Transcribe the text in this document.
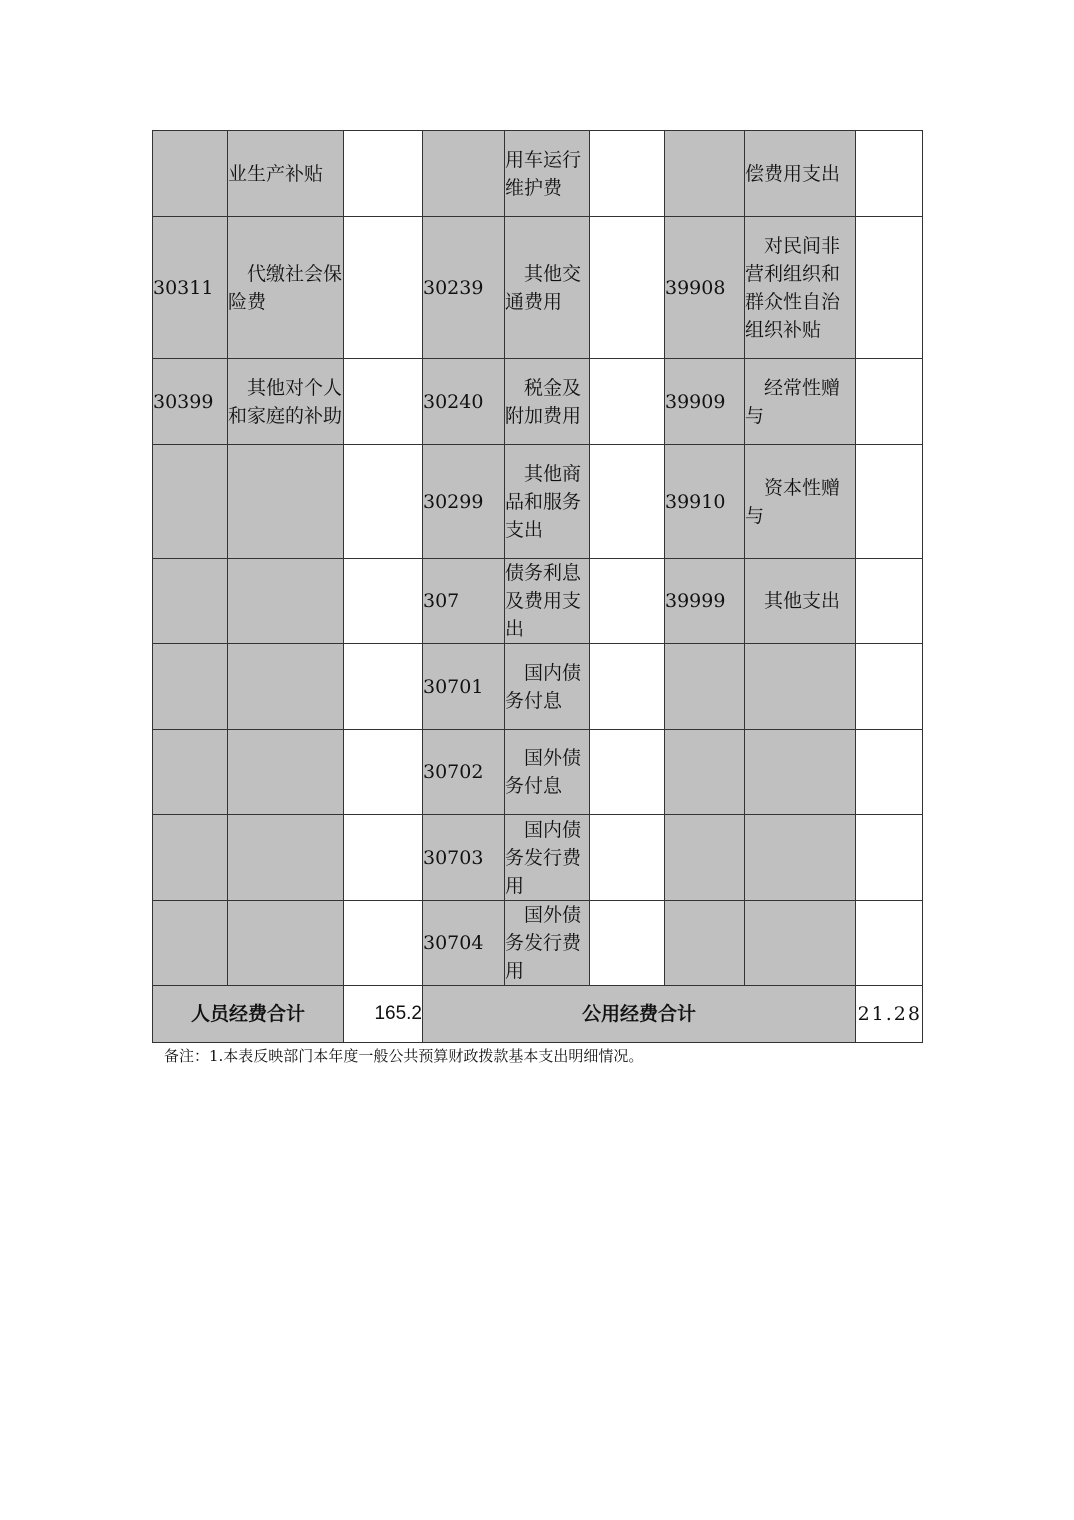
	业生产补贴			用车运行维护费			偿费用支出	

30311	代缴社会保险费		30239	其他交通费用		39908	对民间非营利组织和群众性自治组织补贴	

30399	其他对个人和家庭的补助		30240	税金及附加费用		39909	经常性赠与	

		30299	其他商品和服务支出		39910	资本性赠与	

		307	债务利息及费用支出		39999	其他支出	

		30701	国内债务付息				

		30702	国外债务付息				

		30703	国内债务发行费用				

		30704	国外债务发行费用				

人员经费合计		165.2	公用经费合计					21.28
备注：1.本表反映部门本年度一般公共预算财政拨款基本支出明细情况。
